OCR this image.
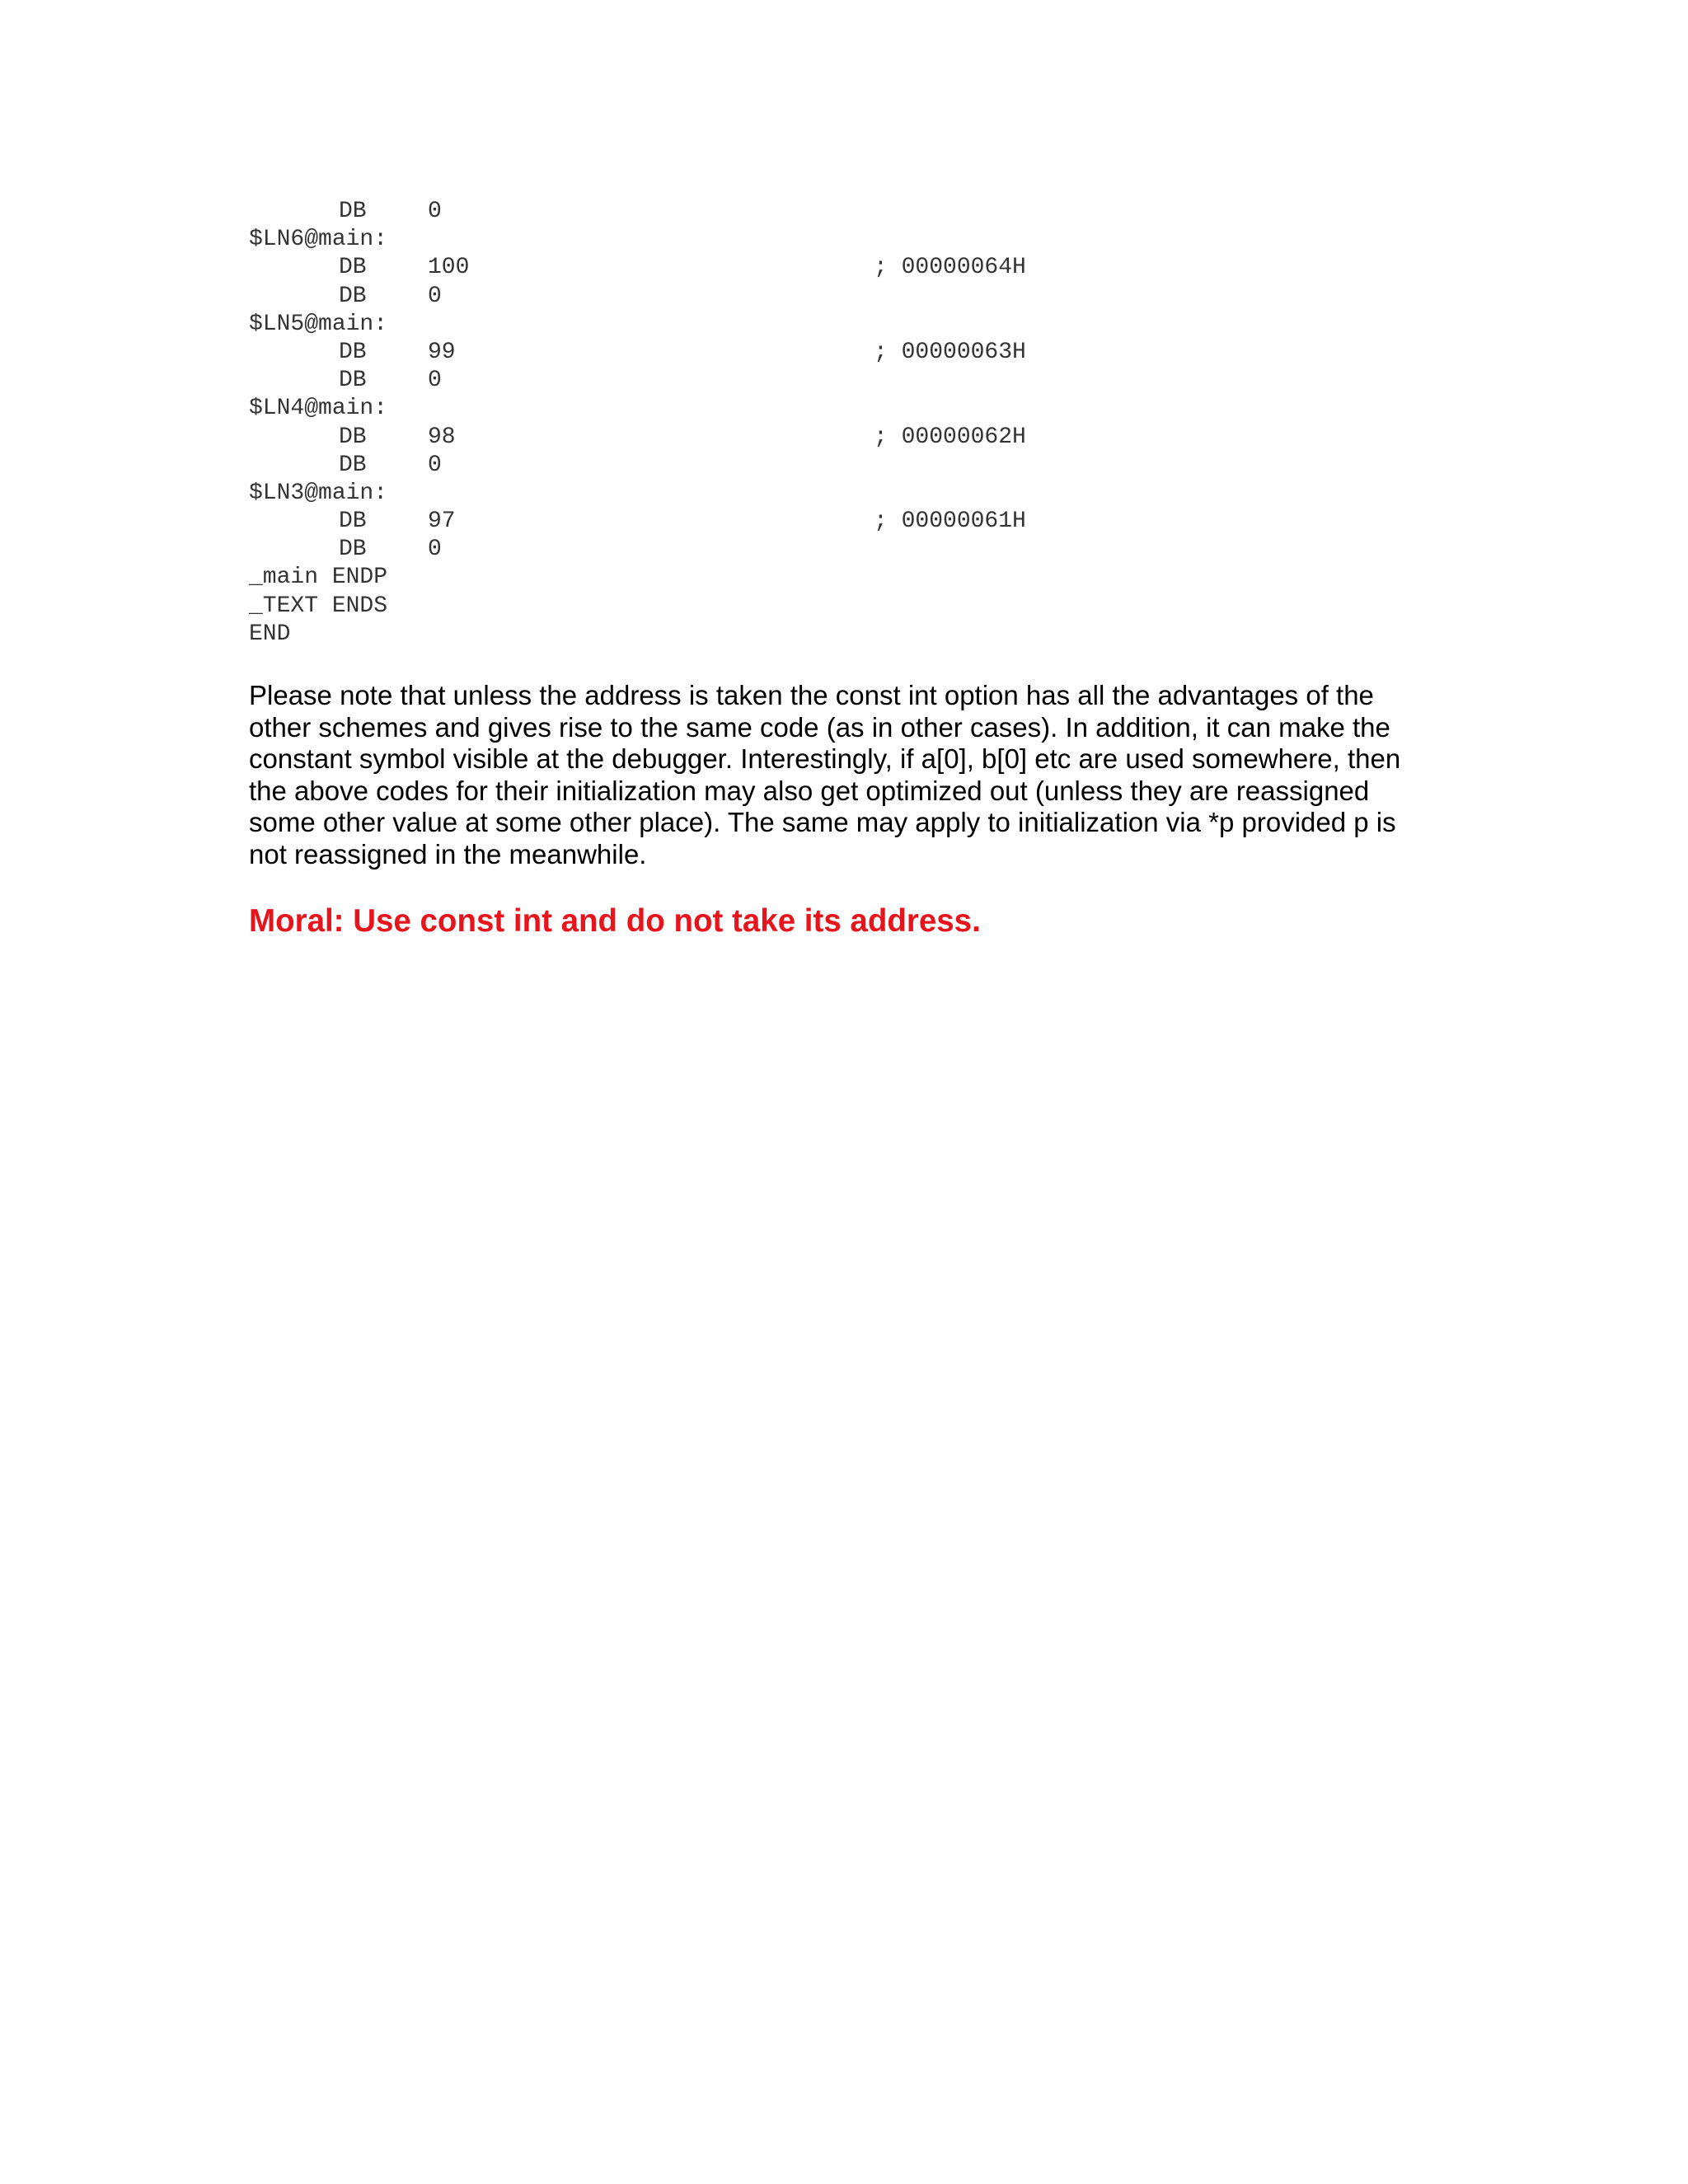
DB	0
$LN6@main:
DB	100	; 00000064H
DB	0
$LN5@main:
DB	99	; 00000063H
DB	0
$LN4@main:
DB	98	; 00000062H
DB	0
$LN3@main:
DB	97	; 00000061H
DB	0
_main ENDP
_TEXT ENDS
END

Please note that unless the address is taken the const int option has all the advantages of the other schemes and gives rise to the same code (as in other cases). In addition, it can make the constant symbol visible at the debugger. Interestingly, if a[0], b[0] etc are used somewhere, then the above codes for their initialization may also get optimized out (unless they are reassigned some other value at some other place). The same may apply to initialization via *p provided p is not reassigned in the meanwhile.

Moral: Use const int and do not take its address.
